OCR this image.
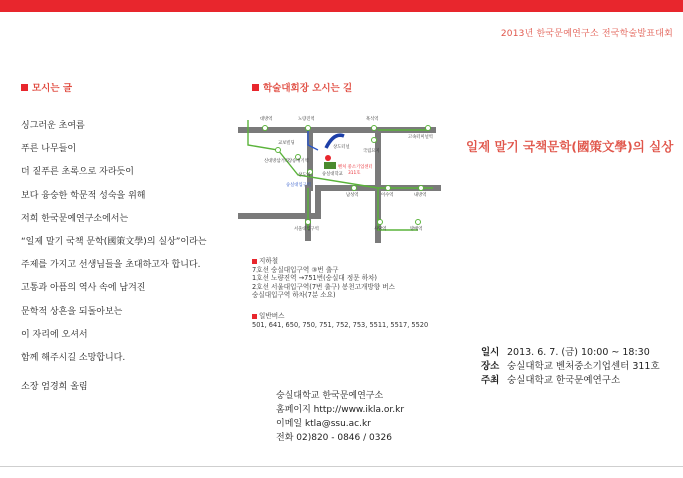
2013년 한국문예연구소 전국학술발표대회
모시는 글
싱그러운 초여름
푸른 나무들이
더 짙푸른 초록으로 자라듯이
보다 융숭한 학문적 성숙을 위해
저희 한국문예연구소에서는
“일제 말기 국책 문학(國策文學)의 실상”이라는
주제를 가지고 선생님들을 초대하고자 합니다.
고통과 아픔의 역사 속에 남겨진
문학적 상흔을 되돌아보는
이 자리에 오셔서
함께 해주시길 소망합니다.
소장 엄경희 올림
학술대회장 오시는 길
대방역	노량진역	흑석역
고속터미널역
교보빌딩
신대방삼거리 장승배기역
상도역
상도터널
국립묘지
숭실대학교
벤처 중소기업센터
311호
숭실대입구역
남성역	이수역	내방역
서울대입구역	사당역	방배역
지하철
7호선 숭실대입구역 ③번 출구
1호선 노량진역 →751번(숭실대 정문 하차)
2호선 서울대입구역(7번 출구) 봉천고개방향 버스
숭실대입구역 하차(7분 소요)
일반버스
501, 641, 650, 750, 751, 752, 753, 5511, 5517, 5520
일제 말기 국책문학(國策文學)의 실상
일시 2013. 6. 7. (금) 10:00 ~ 18:30
장소 숭실대학교 벤처중소기업센터 311호
주최 숭실대학교 한국문예연구소
숭실대학교 한국문예연구소
홈페이지 http://www.ikla.or.kr
이메일 ktla@ssu.ac.kr
전화 02)820 - 0846 / 0326
